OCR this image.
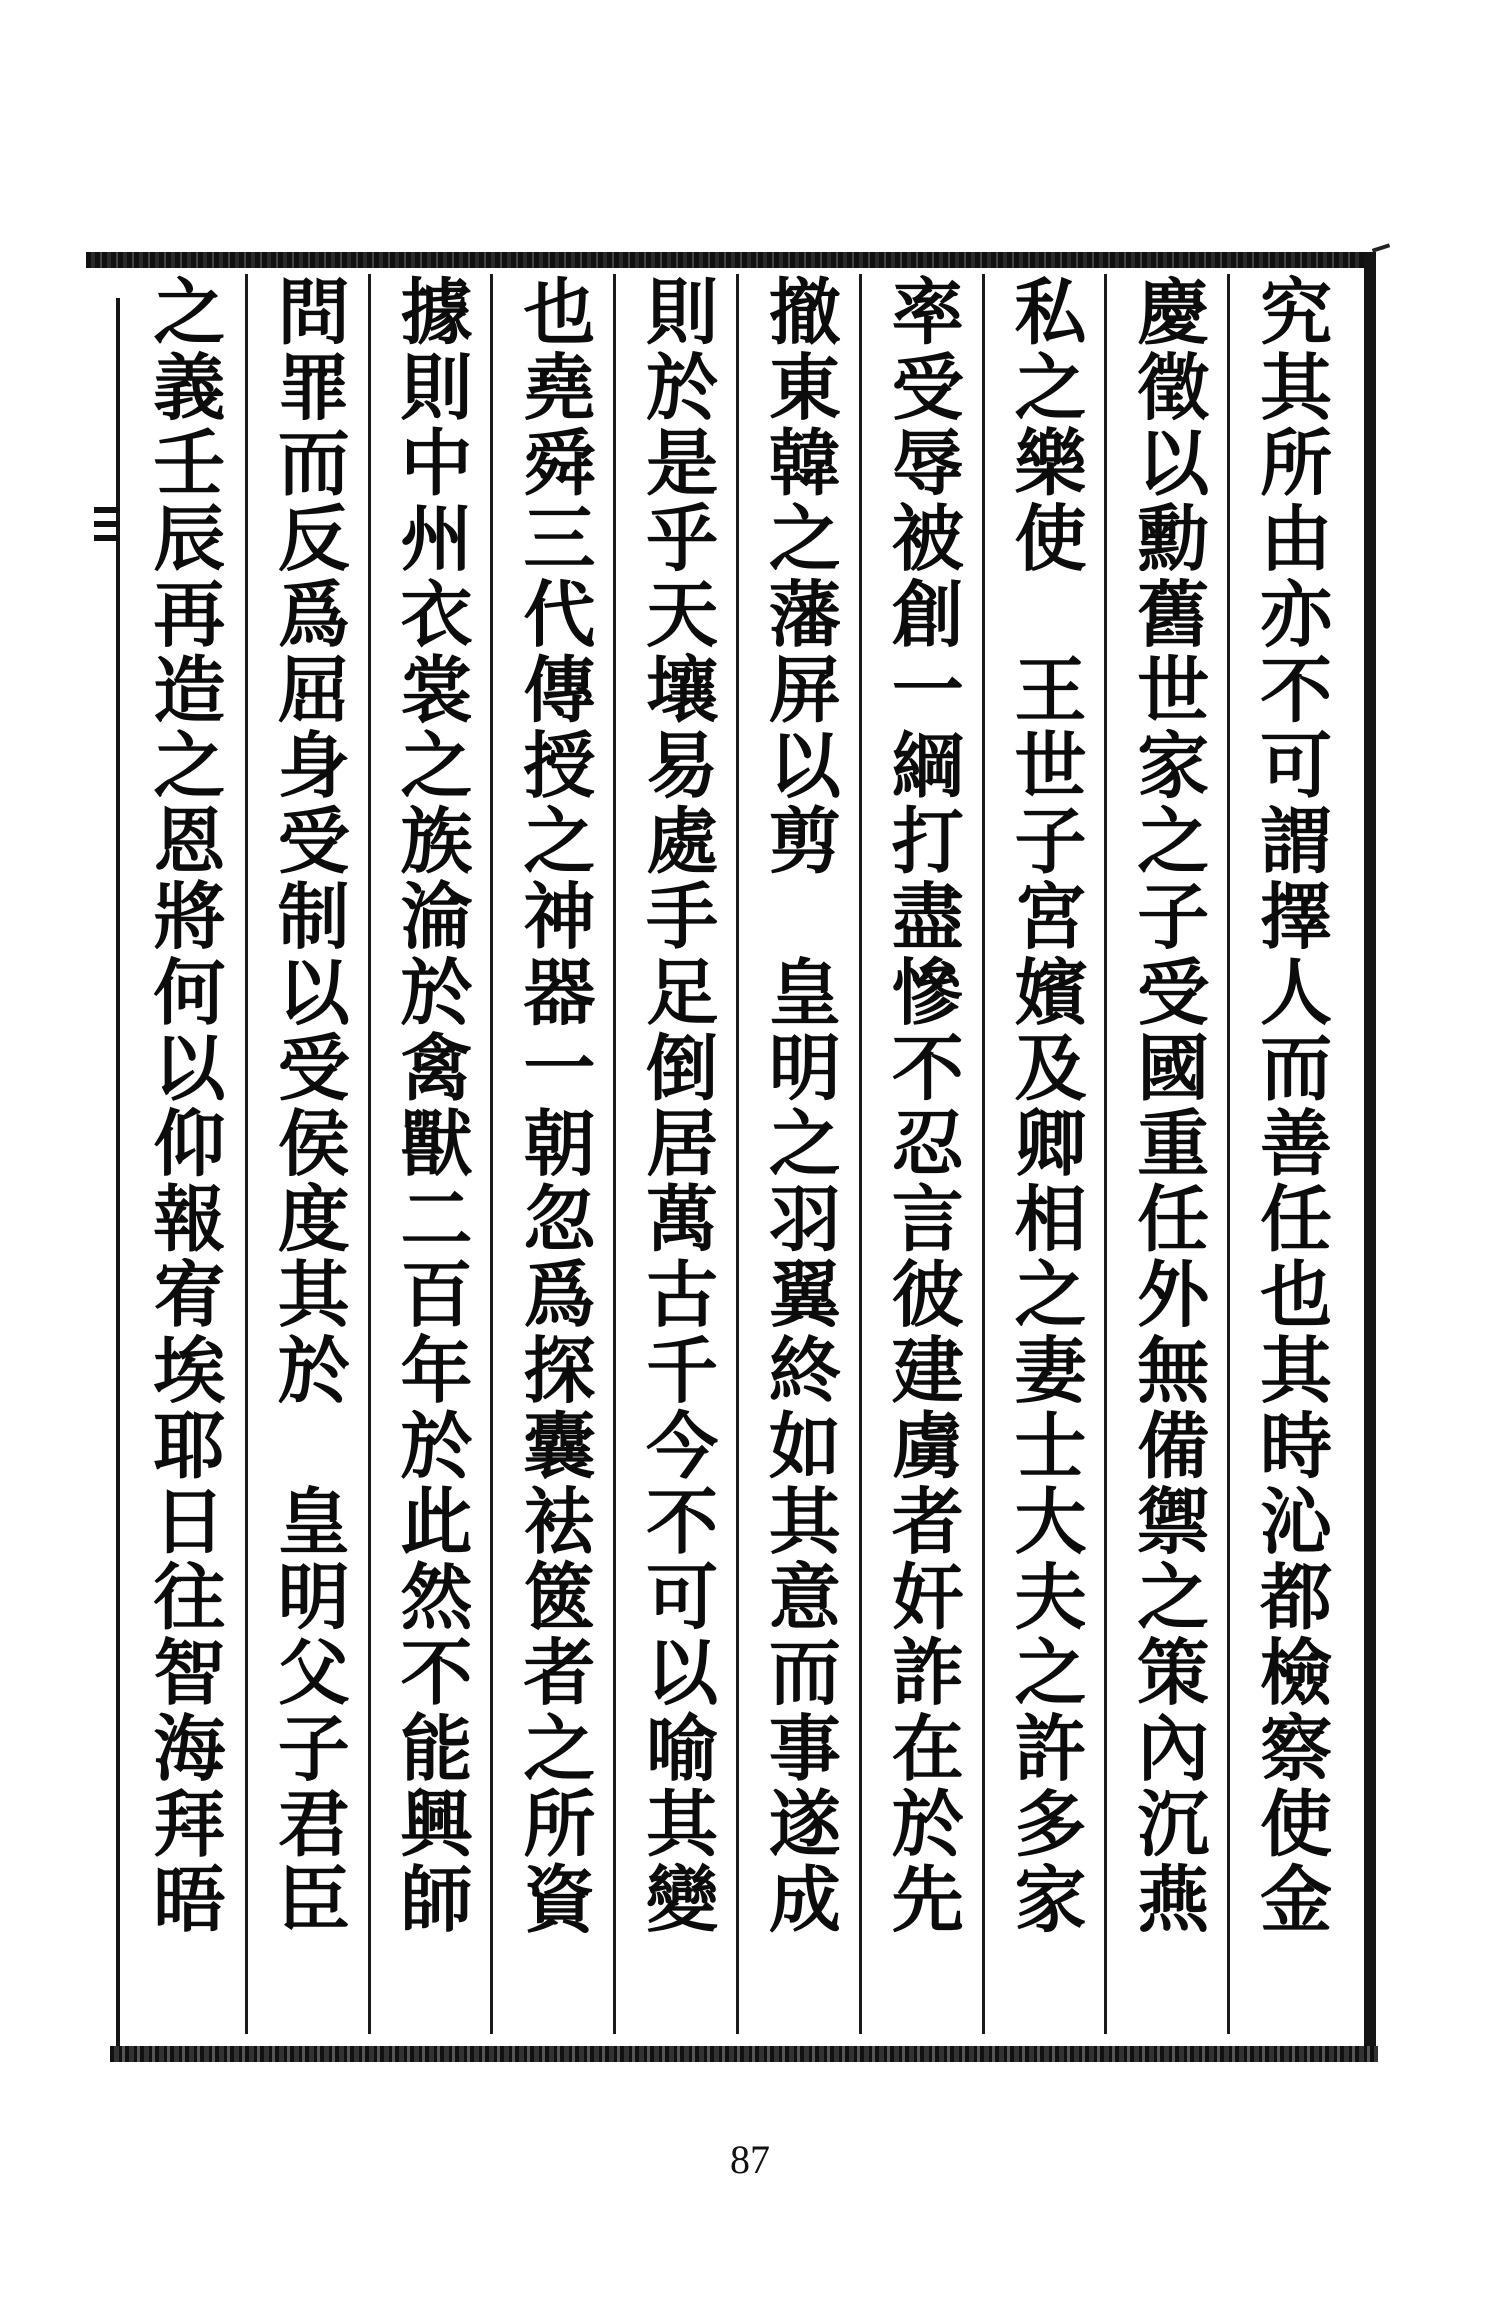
究其所由亦不可謂擇人而善任也其時沁都檢察使金
慶徵以勳舊世家之子受國重任外無備禦之策內沉燕
私之樂使　王世子宮嬪及卿相之妻士大夫之許多家
率受辱被創一綱打盡慘不忍言彼建虜者奸詐在於先
撤東韓之藩屏以剪　皇明之羽翼終如其意而事遂成
則於是乎天壤易處手足倒居萬古千今不可以喻其變
也堯舜三代傳授之神器一朝忽爲探囊袪篋者之所資
據則中州衣裳之族淪於禽獸二百年於此然不能興師
問罪而反爲屈身受制以受侯度其於　皇明父子君臣
之義壬辰再造之恩將何以仰報宥埃耶日往智海拜晤
87
